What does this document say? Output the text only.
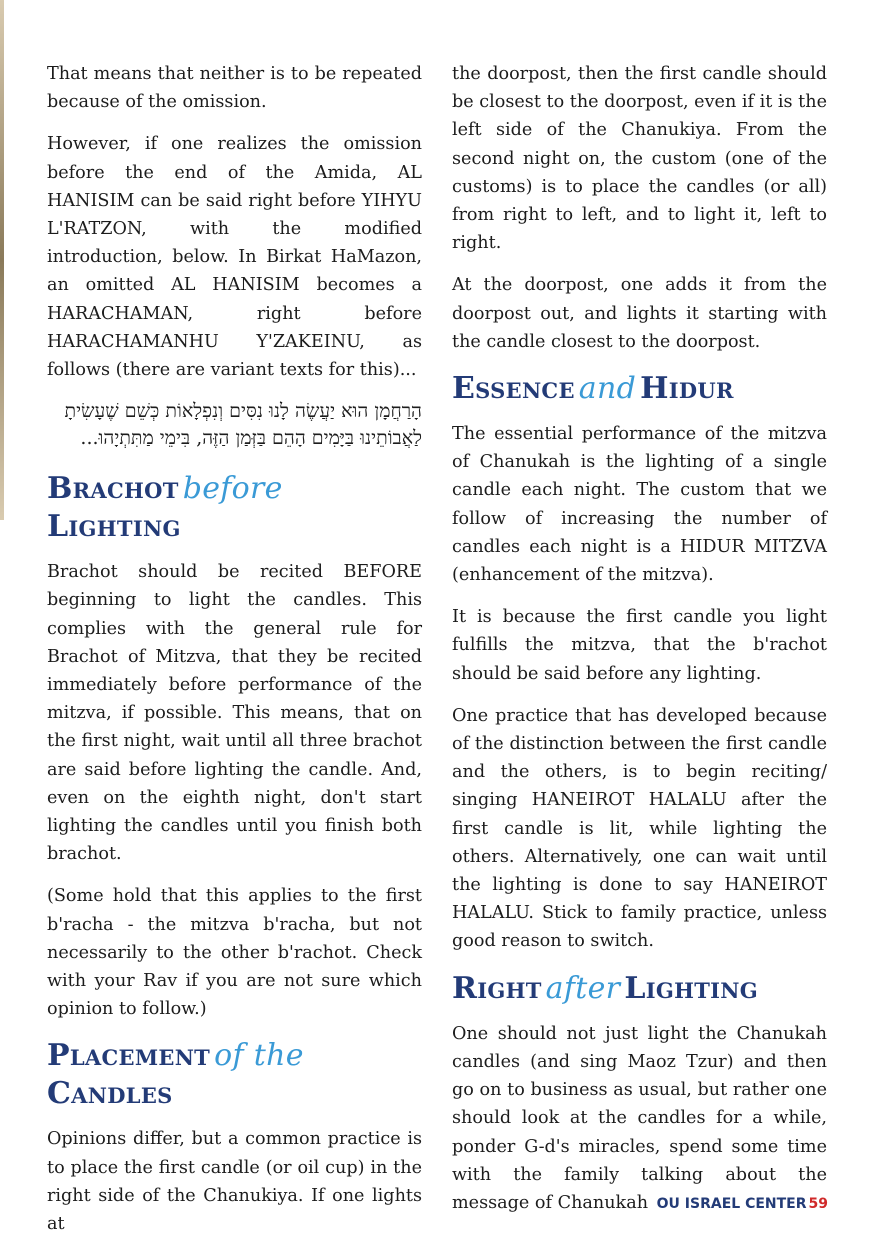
That means that neither is to be repeated because of the omission.

However, if one realizes the omission before the end of the Amida, AL HANISIM can be said right before YIHYU L'RATZON, with the modified introduction, below. In Birkat HaMazon, an omitted AL HANISIM becomes a HARACHAMAN, right before HARACHAMANHU Y'ZAKEINU, as follows (there are variant texts for this)...

הָרַחֲמָן הוּא יַעֲשֶׂה לָנוּ נִסִּים וְנִפְלָאוֹת כְּשֵׁם שֶׁעָשִׂיתָ לַאֲבוֹתֵינוּ בַּיָּמִים הָהֵם בַּזְּמַן הַזֶּה, בִּימֵי מַתִּתְיָהוּ...

Brachot before
Lighting

Brachot should be recited BEFORE beginning to light the candles. This complies with the general rule for Brachot of Mitzva, that they be recited immediately before performance of the mitzva, if possible. This means, that on the first night, wait until all three brachot are said before lighting the candle. And, even on the eighth night, don't start lighting the candles until you finish both brachot.

(Some hold that this applies to the first b'racha - the mitzva b'racha, but not necessarily to the other b'rachot. Check with your Rav if you are not sure which opinion to follow.)

Placement of the
Candles

Opinions differ, but a common practice is to place the first candle (or oil cup) in the right side of the Chanukiya. If one lights at

the doorpost, then the first candle should be closest to the doorpost, even if it is the left side of the Chanukiya. From the second night on, the custom (one of the customs) is to place the candles (or all) from right to left, and to light it, left to right.

At the doorpost, one adds it from the doorpost out, and lights it starting with the candle closest to the doorpost.

Essence and Hidur

The essential performance of the mitzva of Chanukah is the lighting of a single candle each night. The custom that we follow of increasing the number of candles each night is a HIDUR MITZVA (enhancement of the mitzva).

It is because the first candle you light fulfills the mitzva, that the b'rachot should be said before any lighting.

One practice that has developed because of the distinction between the first candle and the others, is to begin reciting/ singing HANEIROT HALALU after the first candle is lit, while lighting the others. Alternatively, one can wait until the lighting is done to say HANEIROT HALALU. Stick to family practice, unless good reason to switch.

Right after Lighting

One should not just light the Chanukah candles (and sing Maoz Tzur) and then go on to business as usual, but rather one should look at the candles for a while, ponder G-d's miracles, spend some time with the family talking about the message of Chanukah OU ISRAEL CENTER 59
